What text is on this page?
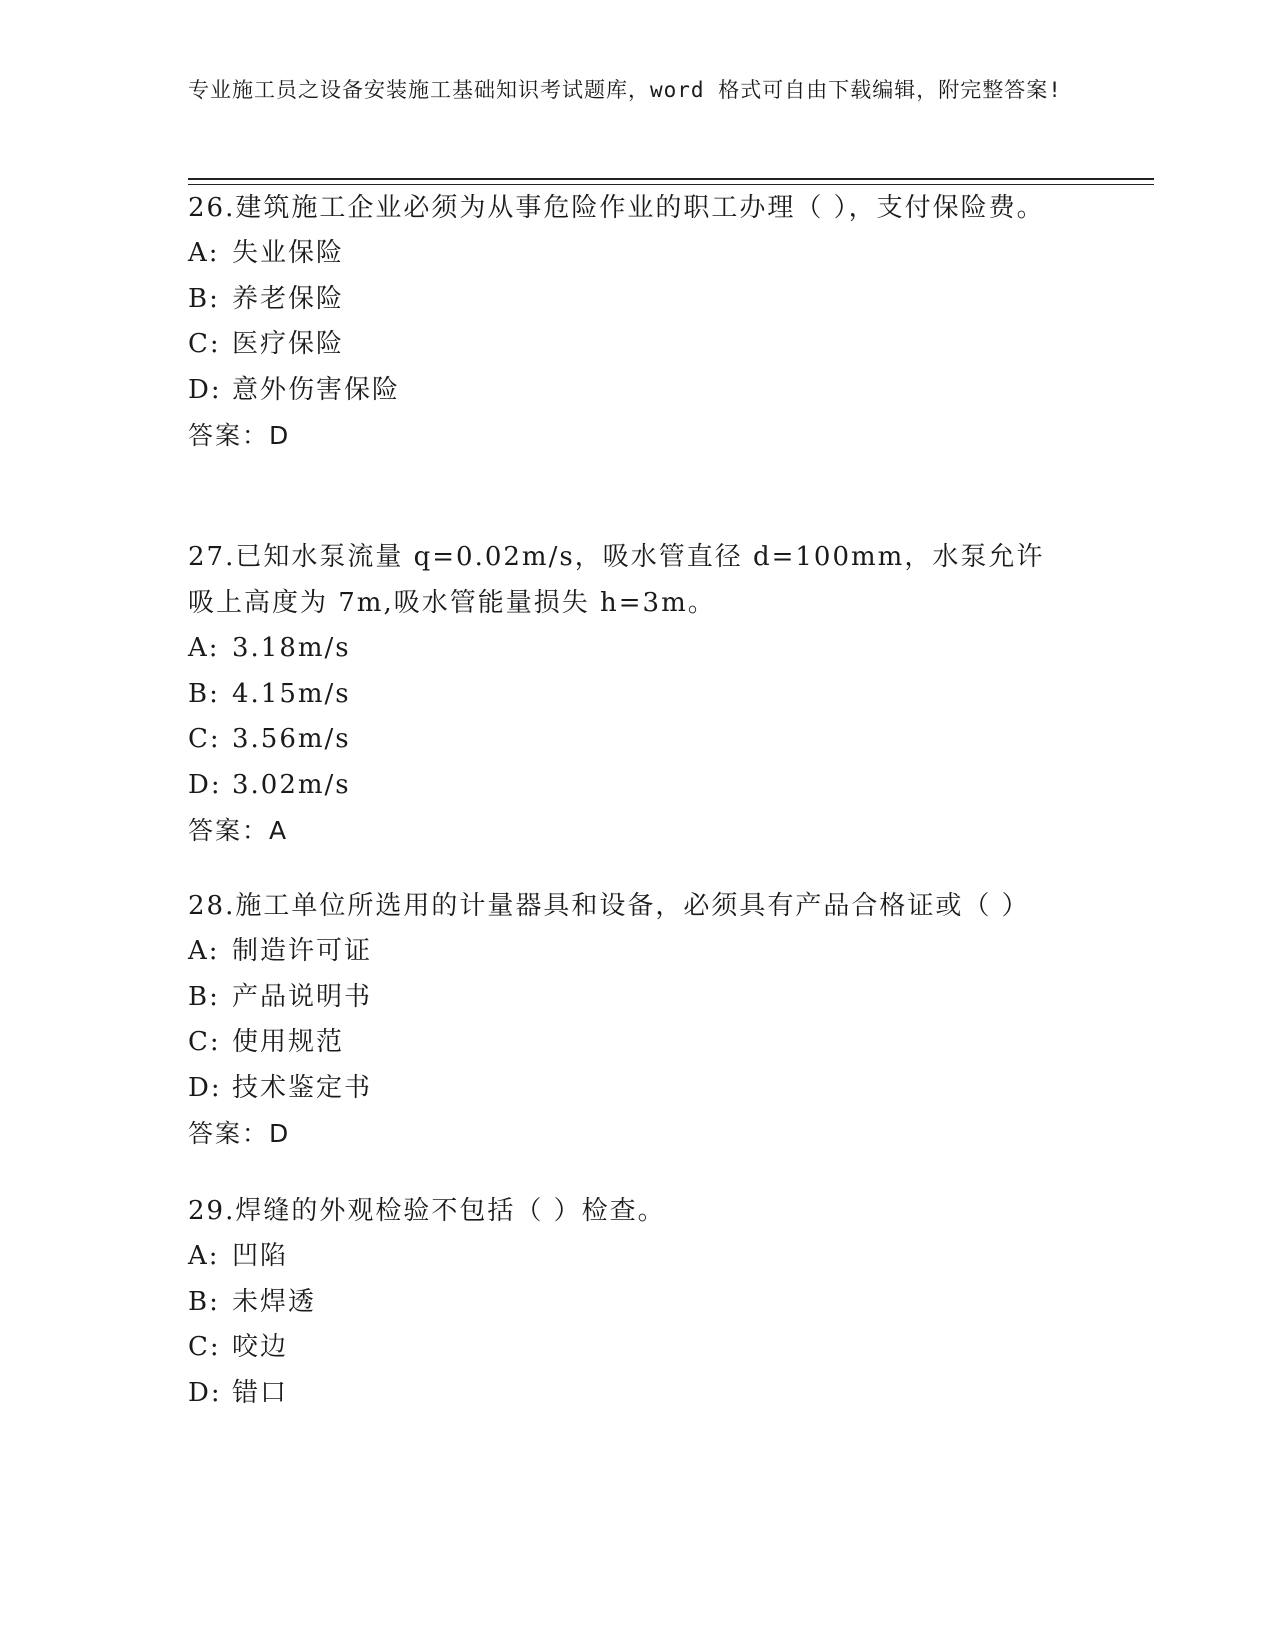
专业施工员之设备安装施工基础知识考试题库，word 格式可自由下载编辑，附完整答案!

26.建筑施工企业必须为从事危险作业的职工办理（ ），支付保险费。

A: 失业保险

B: 养老保险

C: 医疗保险

D: 意外伤害保险

答案：D

27.已知水泵流量 q=0.02m/s，吸水管直径 d=100mm，水泵允许吸上高度为 7m,吸水管能量损失 h=3m。

A: 3.18m/s

B: 4.15m/s

C: 3.56m/s

D: 3.02m/s

答案：A

28.施工单位所选用的计量器具和设备，必须具有产品合格证或（ ）

A: 制造许可证

B: 产品说明书

C: 使用规范

D: 技术鉴定书

答案：D

29.焊缝的外观检验不包括（ ）检查。

A: 凹陷

B: 未焊透

C: 咬边

D: 错口
